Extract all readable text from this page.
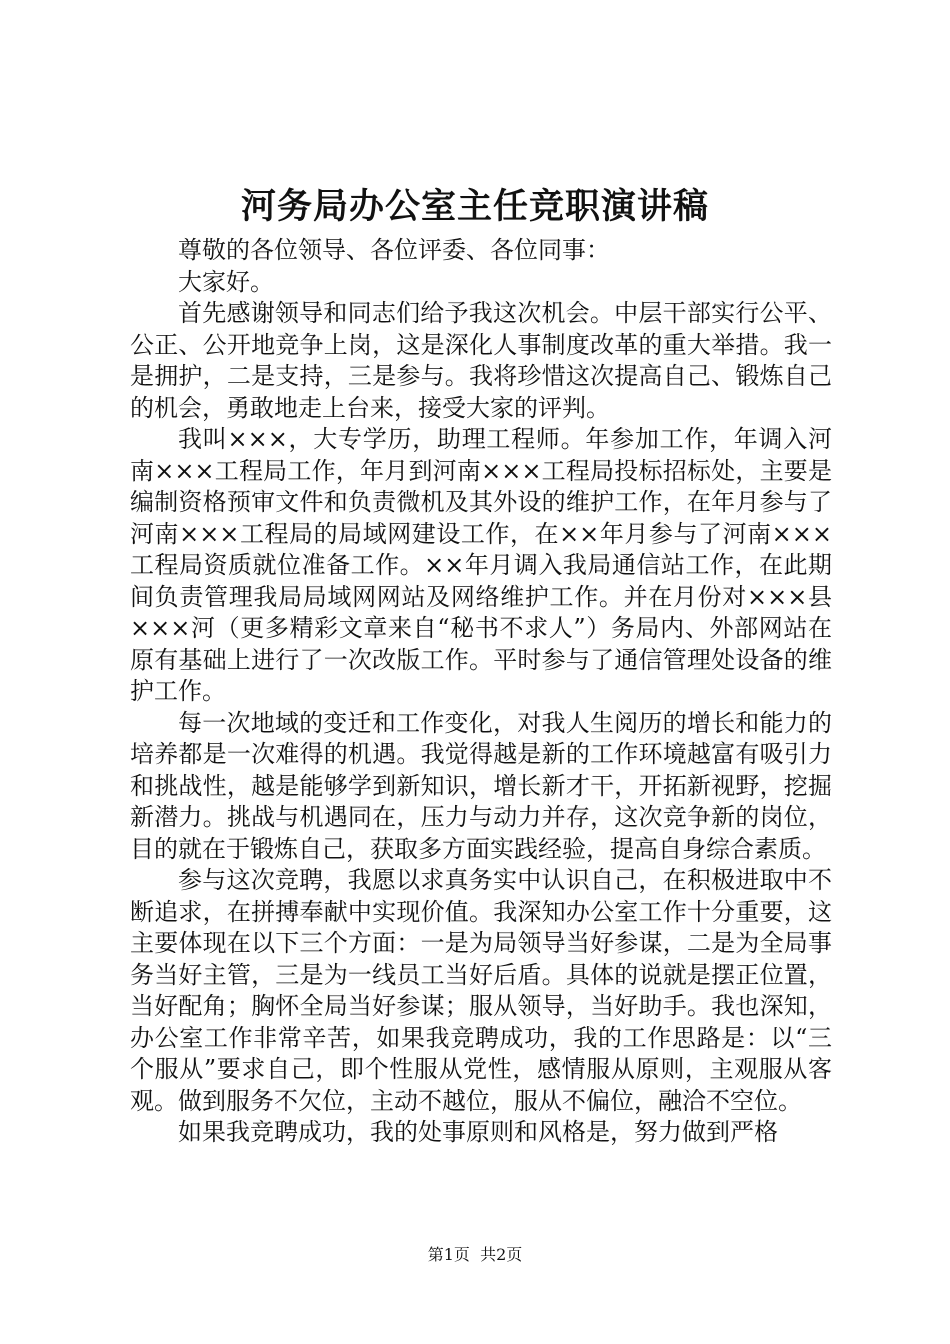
河务局办公室主任竞职演讲稿

尊敬的各位领导、各位评委、各位同事：

大家好。

首先感谢领导和同志们给予我这次机会。中层干部实行公平、公正、公开地竞争上岗，这是深化人事制度改革的重大举措。我一是拥护，二是支持，三是参与。我将珍惜这次提高自己、锻炼自己的机会，勇敢地走上台来，接受大家的评判。

我叫×××，大专学历，助理工程师。年参加工作，年调入河南×××工程局工作，年月到河南×××工程局投标招标处，主要是编制资格预审文件和负责微机及其外设的维护工作，在年月参与了河南×××工程局的局域网建设工作，在××年月参与了河南×××工程局资质就位准备工作。××年月调入我局通信站工作，在此期间负责管理我局局域网网站及网络维护工作。并在月份对×××县×××河（更多精彩文章来自“秘书不求人”）务局内、外部网站在原有基础上进行了一次改版工作。平时参与了通信管理处设备的维护工作。

每一次地域的变迁和工作变化，对我人生阅历的增长和能力的培养都是一次难得的机遇。我觉得越是新的工作环境越富有吸引力和挑战性，越是能够学到新知识，增长新才干，开拓新视野，挖掘新潜力。挑战与机遇同在，压力与动力并存，这次竞争新的岗位，目的就在于锻炼自己，获取多方面实践经验，提高自身综合素质。

参与这次竞聘，我愿以求真务实中认识自己，在积极进取中不断追求，在拼搏奉献中实现价值。我深知办公室工作十分重要，这主要体现在以下三个方面：一是为局领导当好参谋，二是为全局事务当好主管，三是为一线员工当好后盾。具体的说就是摆正位置，当好配角；胸怀全局当好参谋；服从领导，当好助手。我也深知，办公室工作非常辛苦，如果我竞聘成功，我的工作思路是：以“三个服从”要求自己，即个性服从党性，感情服从原则，主观服从客观。做到服务不欠位，主动不越位，服从不偏位，融洽不空位。

如果我竞聘成功，我的处事原则和风格是，努力做到严格

第1页  共2页
